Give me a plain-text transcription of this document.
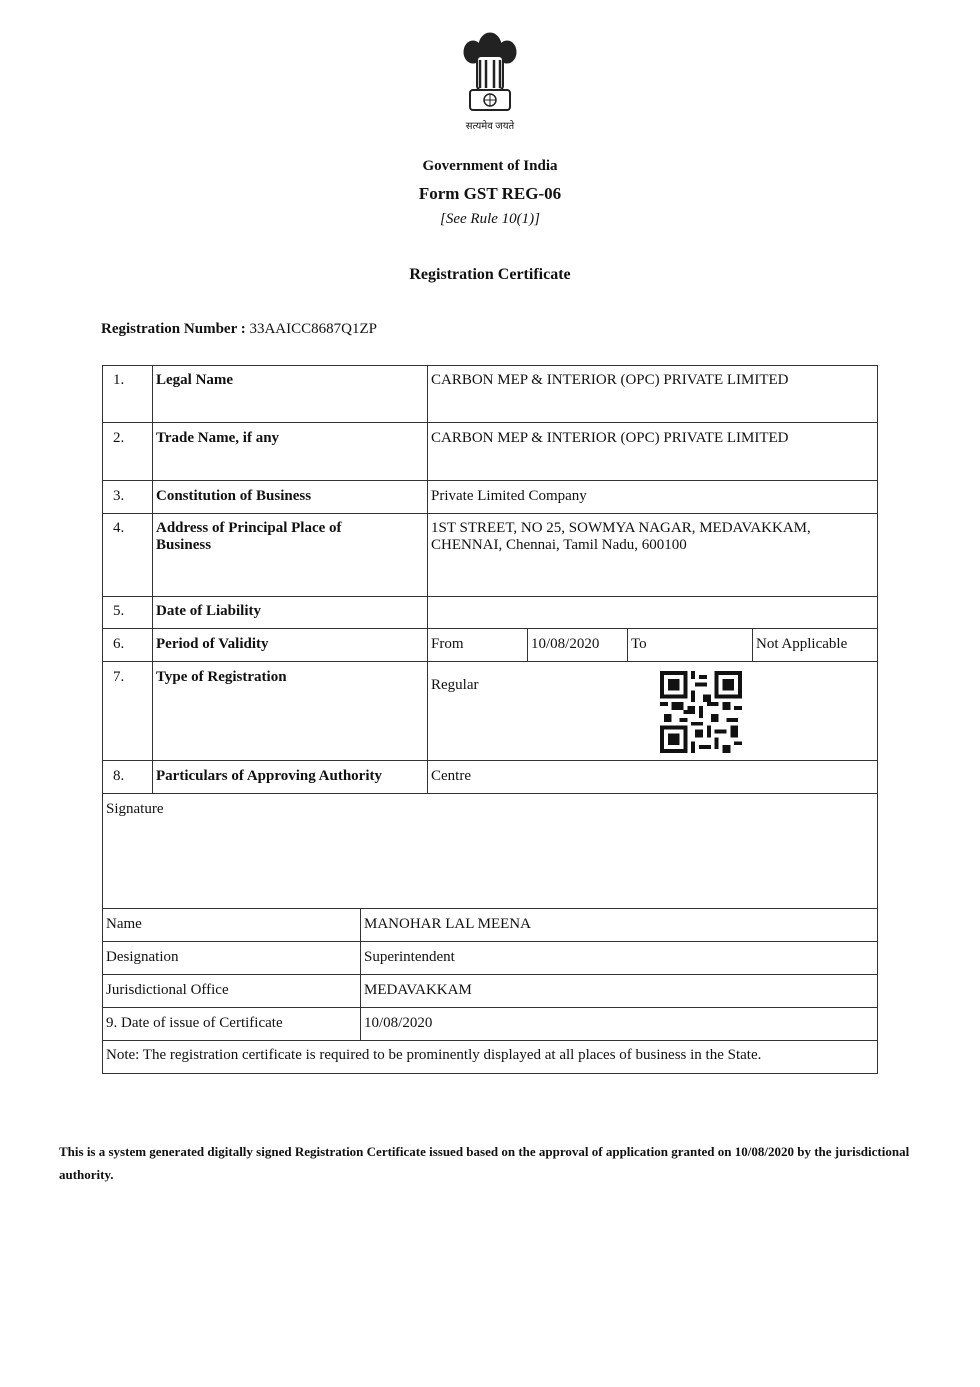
सत्यमेव जयते
Government of India
Form GST REG-06
[See Rule 10(1)]
Registration Certificate
Registration Number : 33AAICC8687Q1ZP
1. Legal Name	CARBON MEP & INTERIOR (OPC) PRIVATE LIMITED
2. Trade Name, if any	CARBON MEP & INTERIOR (OPC) PRIVATE LIMITED
3. Constitution of Business	Private Limited Company
4. Address of Principal Place of Business
1ST STREET, NO 25, SOWMYA NAGAR, MEDAVAKKAM, CHENNAI, Chennai, Tamil Nadu, 600100
5. Date of Liability
6. Period of Validity	From	10/08/2020 To	Not Applicable
7. Type of Registration	Regular
8. Particulars of Approving Authority	Centre
Signature
Name	MANOHAR LAL MEENA
Designation	Superintendent
Jurisdictional Office	MEDAVAKKAM
9. Date of issue of Certificate	10/08/2020
Note: The registration certificate is required to be prominently displayed at all places of business in the State.
This is a system generated digitally signed Registration Certificate issued based on the approval of application granted on 10/08/2020 by the jurisdictional authority.
